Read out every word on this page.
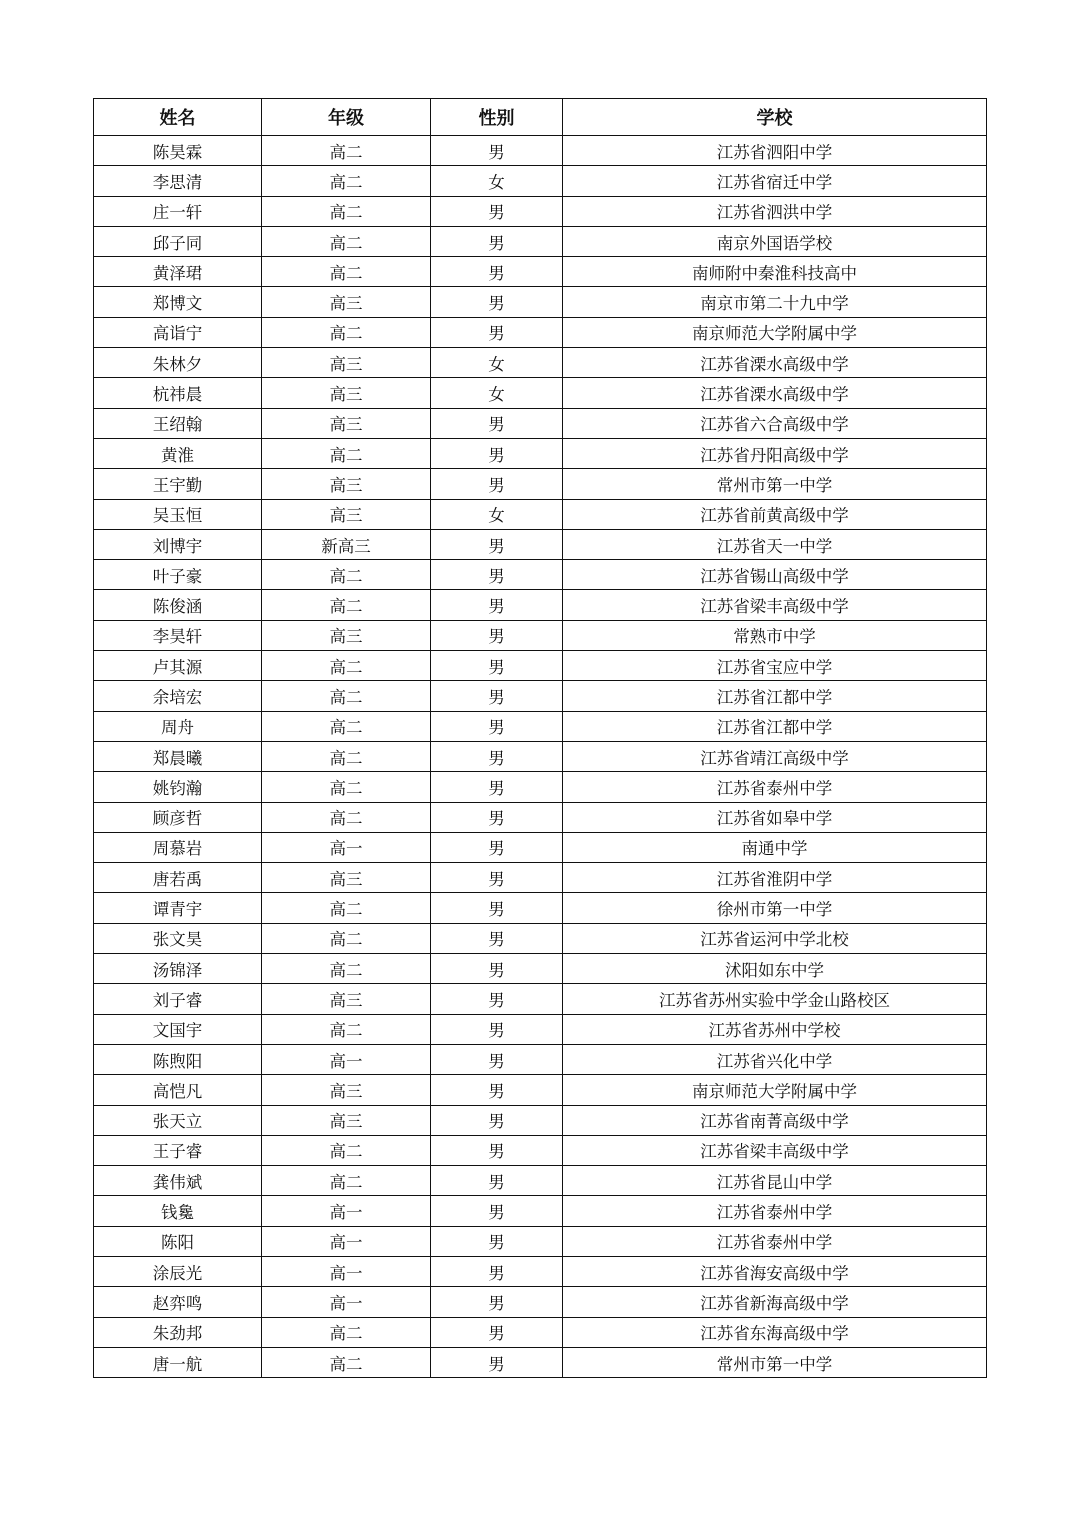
姓名	年级	性别	学校
陈昊霖	高二	男	江苏省泗阳中学
李思清	高二	女	江苏省宿迁中学
庄一轩	高二	男	江苏省泗洪中学
邱子同	高二	男	南京外国语学校
黄泽珺	高二	男	南师附中秦淮科技高中
郑博文	高三	男	南京市第二十九中学
高诣宁	高二	男	南京师范大学附属中学
朱林夕	高三	女	江苏省溧水高级中学
杭祎晨	高三	女	江苏省溧水高级中学
王绍翰	高三	男	江苏省六合高级中学
黄淮	高二	男	江苏省丹阳高级中学
王宇勤	高三	男	常州市第一中学
吴玉恒	高三	女	江苏省前黄高级中学
刘博宇	新高三	男	江苏省天一中学
叶子豪	高二	男	江苏省锡山高级中学
陈俊涵	高二	男	江苏省梁丰高级中学
李昊轩	高三	男	常熟市中学
卢其源	高二	男	江苏省宝应中学
余培宏	高二	男	江苏省江都中学
周舟	高二	男	江苏省江都中学
郑晨曦	高二	男	江苏省靖江高级中学
姚钧瀚	高二	男	江苏省泰州中学
顾彦哲	高二	男	江苏省如皋中学
周慕岩	高一	男	南通中学
唐若禹	高三	男	江苏省淮阴中学
谭青宇	高二	男	徐州市第一中学
张文昊	高二	男	江苏省运河中学北校
汤锦泽	高二	男	沭阳如东中学
刘子睿	高三	男	江苏省苏州实验中学金山路校区
文国宇	高二	男	江苏省苏州中学校
陈煦阳	高一	男	江苏省兴化中学
高恺凡	高三	男	南京师范大学附属中学
张天立	高三	男	江苏省南菁高级中学
王子睿	高二	男	江苏省梁丰高级中学
龚伟斌	高二	男	江苏省昆山中学
钱毚	高一	男	江苏省泰州中学
陈阳	高一	男	江苏省泰州中学
涂辰光	高一	男	江苏省海安高级中学
赵弈鸣	高一	男	江苏省新海高级中学
朱劲邦	高二	男	江苏省东海高级中学
唐一航	高二	男	常州市第一中学
